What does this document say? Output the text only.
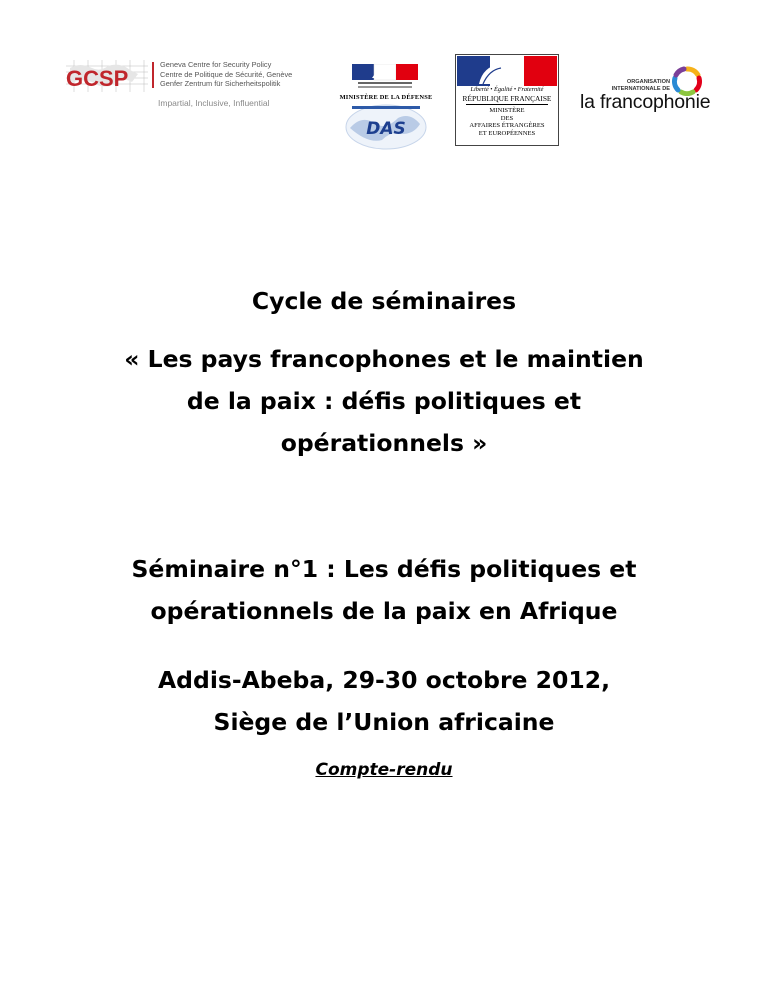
GCSP
Geneva Centre for Security Policy
Centre de Politique de Sécurité, Genève
Genfer Zentrum für Sicherheitspolitik
Impartial, Inclusive, Influential
MINISTÈRE DE LA DÉFENSE
DAS
Liberté • Égalité • Fraternité
RÉPUBLIQUE FRANÇAISE
MINISTÈRE
DES
AFFAIRES ÉTRANGÈRES
ET EUROPÉENNES
ORGANISATION
INTERNATIONALE DE
la francophonie
Cycle de séminaires
« Les pays francophones et le maintien
de la paix : défis politiques et
opérationnels »
Séminaire n°1 : Les défis politiques et
opérationnels de la paix en Afrique
Addis-Abeba, 29-30 octobre 2012,
Siège de l’Union africaine
Compte-rendu
